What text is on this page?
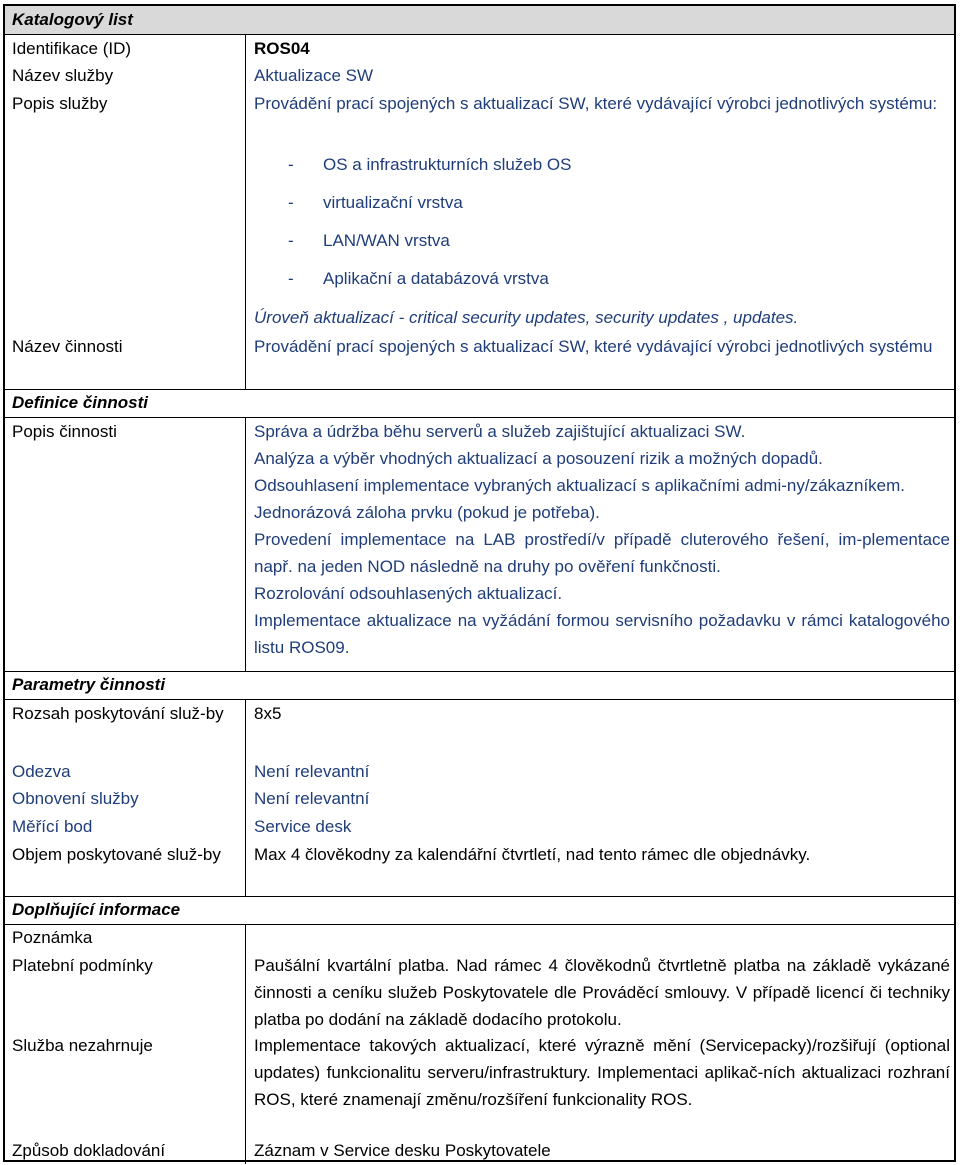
Katalogový list
Identifikace (ID)	ROS04
Název služby	Aktualizace SW
Popis služby	Provádění prací spojených s aktualizací SW, které vydávající výrobci jednotlivých systému:
- OS a infrastrukturních služeb OS
- virtualizační vrstva
- LAN/WAN vrstva
- Aplikační a databázová vrstva
Úroveň aktualizací - critical security updates, security updates , updates.
Název činnosti	Provádění prací spojených s aktualizací SW, které vydávající výrobci jednotlivých systému
Definice činnosti
Popis činnosti	Správa a údržba běhu serverů a služeb zajištující aktualizaci SW.
Analýza a výběr vhodných aktualizací a posouzení rizik a možných dopadů.
Odsouhlasení implementace vybraných aktualizací s aplikačními admi-ny/zákazníkem.
Jednorázová záloha prvku (pokud je potřeba).
Provedení implementace na LAB prostředí/v případě cluterového řešení, im-plementace např. na jeden NOD následně na druhy po ověření funkčnosti.
Rozrolování odsouhlasených aktualizací.
Implementace aktualizace na vyžádání formou servisního požadavku v rámci katalogového listu ROS09.
Parametry činnosti
Rozsah poskytování služ-by	8x5
Odezva	Není relevantní
Obnovení služby	Není relevantní
Měřící bod	Service desk
Objem poskytované služ-by	Max 4 člověkodny za kalendářní čtvrtletí, nad tento rámec dle objednávky.
Doplňující informace
Poznámka
Platební podmínky	Paušální kvartální platba. Nad rámec 4 člověkodnů čtvrtletně platba na základě vykázané činnosti a ceníku služeb Poskytovatele dle Prováděcí smlouvy. V případě licencí či techniky platba po dodání na základě dodacího protokolu.
Služba nezahrnuje	Implementace takových aktualizací, které výrazně mění (Servicepacky)/rozšiřují (optional updates) funkcionalitu serveru/infrastruktury. Implementaci aplikač-ních aktualizaci rozhraní ROS, které znamenají změnu/rozšíření funkcionality ROS.
Způsob dokladování	Záznam v Service desku Poskytovatele
